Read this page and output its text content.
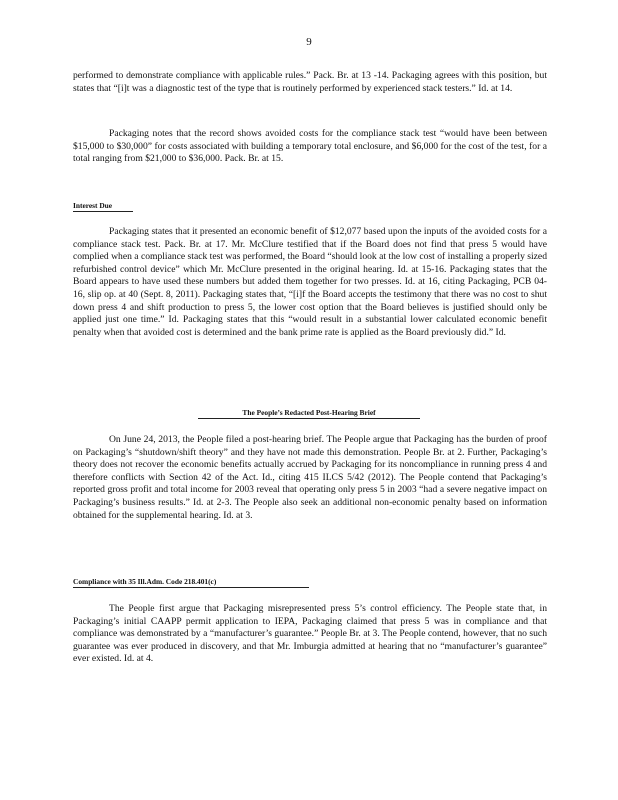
9

performed to demonstrate compliance with applicable rules.” Pack. Br. at 13 -14. Packaging agrees with this position, but states that “[i]t was a diagnostic test of the type that is routinely performed by experienced stack testers.” Id. at 14.

Packaging notes that the record shows avoided costs for the compliance stack test “would have been between $15,000 to $30,000” for costs associated with building a temporary total enclosure, and $6,000 for the cost of the test, for a total ranging from $21,000 to $36,000. Pack. Br. at 15.

Interest Due

Packaging states that it presented an economic benefit of $12,077 based upon the inputs of the avoided costs for a compliance stack test. Pack. Br. at 17. Mr. McClure testified that if the Board does not find that press 5 would have complied when a compliance stack test was performed, the Board “should look at the low cost of installing a properly sized refurbished control device” which Mr. McClure presented in the original hearing. Id. at 15-16. Packaging states that the Board appears to have used these numbers but added them together for two presses. Id. at 16, citing Packaging, PCB 04-16, slip op. at 40 (Sept. 8, 2011). Packaging states that, “[i]f the Board accepts the testimony that there was no cost to shut down press 4 and shift production to press 5, the lower cost option that the Board believes is justified should only be applied just one time.” Id. Packaging states that this “would result in a substantial lower calculated economic benefit penalty when that avoided cost is determined and the bank prime rate is applied as the Board previously did.” Id.

The People’s Redacted Post-Hearing Brief

On June 24, 2013, the People filed a post-hearing brief. The People argue that Packaging has the burden of proof on Packaging’s “shutdown/shift theory” and they have not made this demonstration. People Br. at 2. Further, Packaging’s theory does not recover the economic benefits actually accrued by Packaging for its noncompliance in running press 4 and therefore conflicts with Section 42 of the Act. Id., citing 415 ILCS 5/42 (2012). The People contend that Packaging’s reported gross profit and total income for 2003 reveal that operating only press 5 in 2003 “had a severe negative impact on Packaging’s business results.” Id. at 2-3. The People also seek an additional non-economic penalty based on information obtained for the supplemental hearing. Id. at 3.

Compliance with 35 Ill.Adm. Code 218.401(c)

The People first argue that Packaging misrepresented press 5’s control efficiency. The People state that, in Packaging’s initial CAAPP permit application to IEPA, Packaging claimed that press 5 was in compliance and that compliance was demonstrated by a “manufacturer’s guarantee.” People Br. at 3. The People contend, however, that no such guarantee was ever produced in discovery, and that Mr. Imburgia admitted at hearing that no “manufacturer’s guarantee” ever existed. Id. at 4.
